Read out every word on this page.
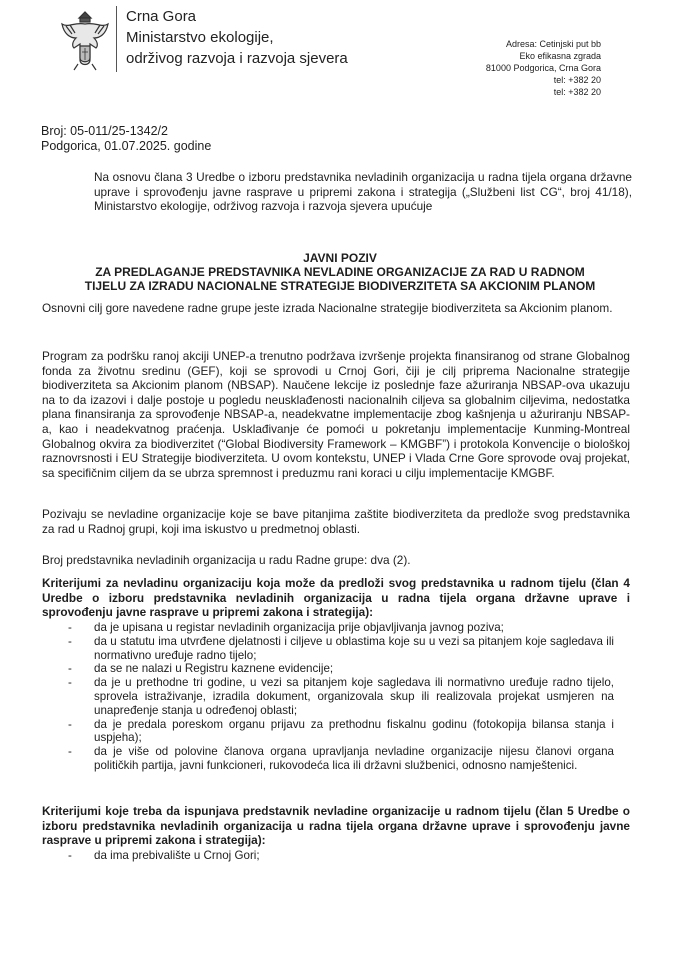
Crna Gora
Ministarstvo ekologije,
održivog razvoja i razvoja sjevera
Adresa: Cetinjski put bb
Eko efikasna zgrada
81000 Podgorica, Crna Gora
tel: +382 20
tel: +382 20
Broj: 05-011/25-1342/2
Podgorica, 01.07.2025. godine
Na osnovu člana 3 Uredbe o izboru predstavnika nevladinih organizacija u radna tijela organa državne uprave i sprovođenju javne rasprave u pripremi zakona i strategija („Službeni list CG“, broj 41/18), Ministarstvo ekologije, održivog razvoja i razvoja sjevera upućuje
JAVNI POZIV
ZA PREDLAGANJE PREDSTAVNIKA NEVLADINE ORGANIZACIJE ZA RAD U RADNOM
TIJELU ZA IZRADU NACIONALNE STRATEGIJE BIODIVERZITETA SA AKCIONIM PLANOM
Osnovni cilj gore navedene radne grupe jeste izrada Nacionalne strategije biodiverziteta sa Akcionim planom.
Program za podršku ranoj akciji UNEP-a trenutno podržava izvršenje projekta finansiranog od strane Globalnog fonda za životnu sredinu (GEF), koji se sprovodi u Crnoj Gori, čiji je cilj priprema Nacionalne strategije biodiverziteta sa Akcionim planom (NBSAP). Naučene lekcije iz poslednje faze ažuriranja NBSAP-ova ukazuju na to da izazovi i dalje postoje u pogledu neusklađenosti nacionalnih ciljeva sa globalnim ciljevima, nedostatka plana finansiranja za sprovođenje NBSAP-a, neadekvatne implementacije zbog kašnjenja u ažuriranju NBSAP-a, kao i neadekvatnog praćenja. Usklađivanje će pomoći u pokretanju implementacije Kunming-Montreal Globalnog okvira za biodiverzitet (“Global Biodiversity Framework – KMGBF”) i protokola Konvencije o biološkoj raznovrsnosti i EU Strategije biodiverziteta. U ovom kontekstu, UNEP i Vlada Crne Gore sprovode ovaj projekat, sa specifičnim ciljem da se ubrza spremnost i preduzmu rani koraci u cilju implementacije KMGBF.
Pozivaju se nevladine organizacije koje se bave pitanjima zaštite biodiverziteta da predlože svog predstavnika za rad u Radnoj grupi, koji ima iskustvo u predmetnoj oblasti.
Broj predstavnika nevladinih organizacija u radu Radne grupe: dva (2).
Kriterijumi za nevladinu organizaciju koja može da predloži svog predstavnika u radnom tijelu (član 4 Uredbe o izboru predstavnika nevladinih organizacija u radna tijela organa državne uprave i sprovođenju javne rasprave u pripremi zakona i strategija):
- da je upisana u registar nevladinih organizacija prije objavljivanja javnog poziva;
- da u statutu ima utvrđene djelatnosti i ciljeve u oblastima koje su u vezi sa pitanjem koje sagledava ili normativno uređuje radno tijelo;
- da se ne nalazi u Registru kaznene evidencije;
- da je u prethodne tri godine, u vezi sa pitanjem koje sagledava ili normativno uređuje radno tijelo, sprovela istraživanje, izradila dokument, organizovala skup ili realizovala projekat usmjeren na unapređenje stanja u određenoj oblasti;
- da je predala poreskom organu prijavu za prethodnu fiskalnu godinu (fotokopija bilansa stanja i uspjeha);
- da je više od polovine članova organa upravljanja nevladine organizacije nijesu članovi organa političkih partija, javni funkcioneri, rukovodeća lica ili državni službenici, odnosno namještenici.
Kriterijumi koje treba da ispunjava predstavnik nevladine organizacije u radnom tijelu (član 5 Uredbe o izboru predstavnika nevladinih organizacija u radna tijela organa državne uprave i sprovođenju javne rasprave u pripremi zakona i strategija):
- da ima prebivalište u Crnoj Gori;
